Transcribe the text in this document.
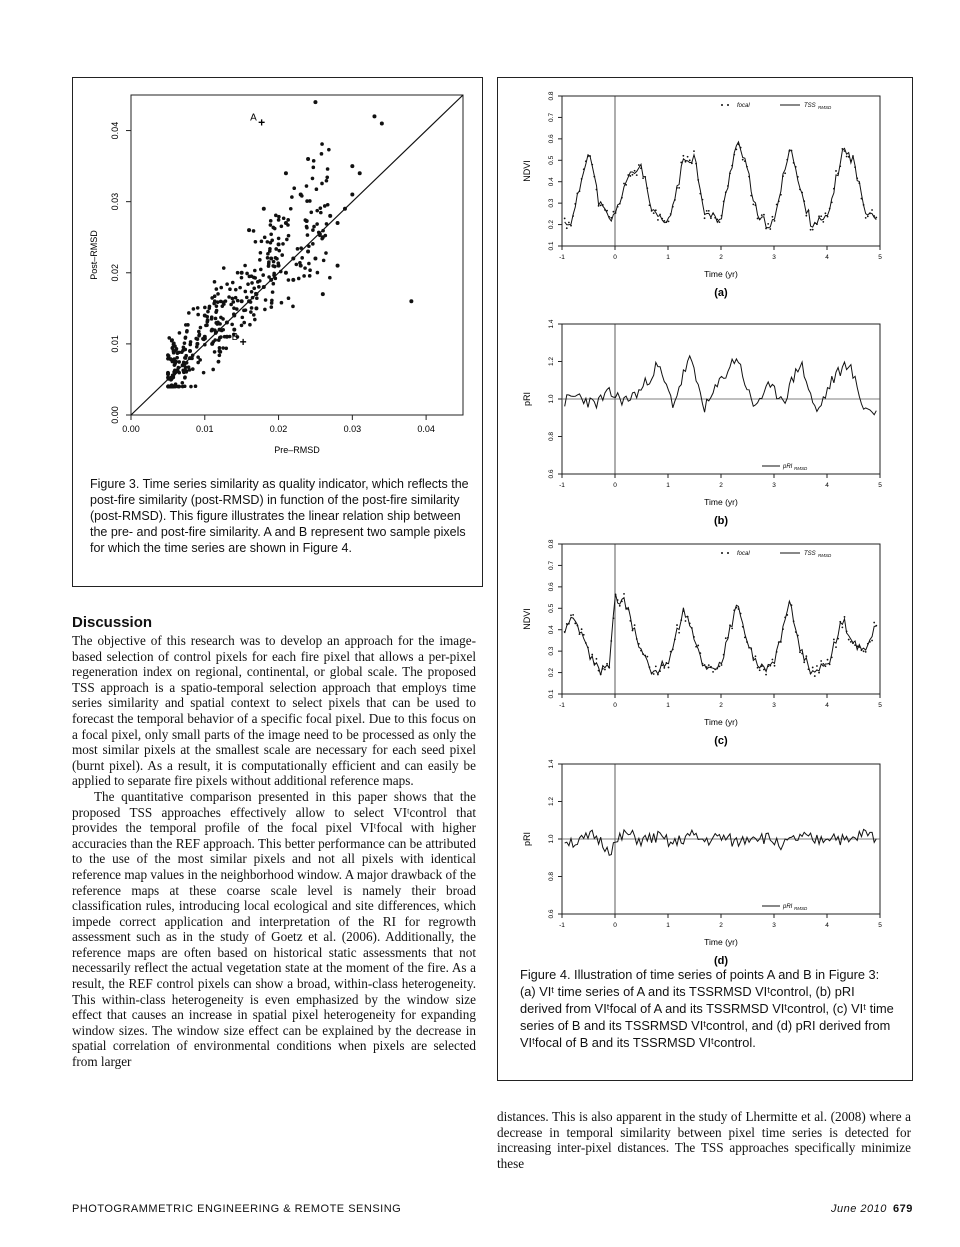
0.00
0.00
0.01
0.01
0.02
0.02
0.03
0.03
0.04
0.04
Pre–RMSD
Post–RMSD
A +
B +
Figure 3. Time series similarity as quality indicator, which reflects the post-fire similarity (post-RMSD) in function of the post-fire similarity (post-RMSD). This figure illustrates the linear relation ship between the pre- and post-fire similarity. A and B represent two sample pixels for which the time series are shown in Figure 4.
-1	0	1	2	3	4	5
Time (yr)
(a)
0.1
0.2
0.3
0.4
0.5
0.6
0.7
0.8
NDVI
focal	TSS RMSD
-1	0	1	2	3	4	5
Time (yr)
(b)
0.6
0.8
1.0
1.2
1.4
pRI
pRI RMSD
-1	0	1	2	3	4	5
Time (yr)
(c)
0.1
0.2
0.3
0.4
0.5
0.6
0.7
0.8
NDVI
focal	TSS RMSD
-1	0	1	2	3	4	5
Time (yr)
(d)
0.6
0.8
1.0
1.2
1.4
pRI
pRI RMSD
Figure 4. Illustration of time series of points A and B in Figure 3: (a) VIᵗ time series of A and its TSSRMSD VIᵗcontrol, (b) pRI derived from VIᵗfocal of A and its TSSRMSD VIᵗcontrol, (c) VIᵗ time series of B and its TSSRMSD VIᵗcontrol, and (d) pRI derived from VIᵗfocal of B and its TSSRMSD VIᵗcontrol.
Discussion

The objective of this research was to develop an approach for the image-based selection of control pixels for each fire pixel that allows a per-pixel regeneration index on regional, continental, or global scale. The proposed TSS approach is a spatio-temporal selection approach that employs time series similarity and spatial context to select pixels that can be used to forecast the temporal behavior of a specific focal pixel. Due to this focus on a focal pixel, only small parts of the image need to be processed as only the most similar pixels at the smallest scale are necessary for each seed pixel (burnt pixel). As a result, it is computationally efficient and can easily be applied to separate fire pixels without additional reference maps.

The quantitative comparison presented in this paper shows that the proposed TSS approaches effectively allow to select VIᵗcontrol that provides the temporal profile of the focal pixel VIᵗfocal with higher accuracies than the REF approach. This better performance can be attributed to the use of the most similar pixels and not all pixels with identical reference map values in the neighborhood window. A major drawback of the reference maps at these coarse scale level is namely their broad classification rules, introducing local ecological and site differences, which impede correct application and interpretation of the RI for regrowth assessment such as in the study of Goetz et al. (2006). Additionally, the reference maps are often based on historical static assessments that not necessarily reflect the actual vegetation state at the moment of the fire. As a result, the REF control pixels can show a broad, within-class heterogeneity. This within-class heterogeneity is even emphasized by the window size effect that causes an increase in spatial pixel heterogeneity for expanding window sizes. The window size effect can be explained by the decrease in spatial correlation of environmental conditions when pixels are selected from larger

distances. This is also apparent in the study of Lhermitte et al. (2008) where a decrease in temporal similarity between pixel time series is detected for increasing inter-pixel distances. The TSS approaches specifically minimize these

PHOTOGRAMMETRIC ENGINEERING & REMOTE SENSING	June 2010 679
